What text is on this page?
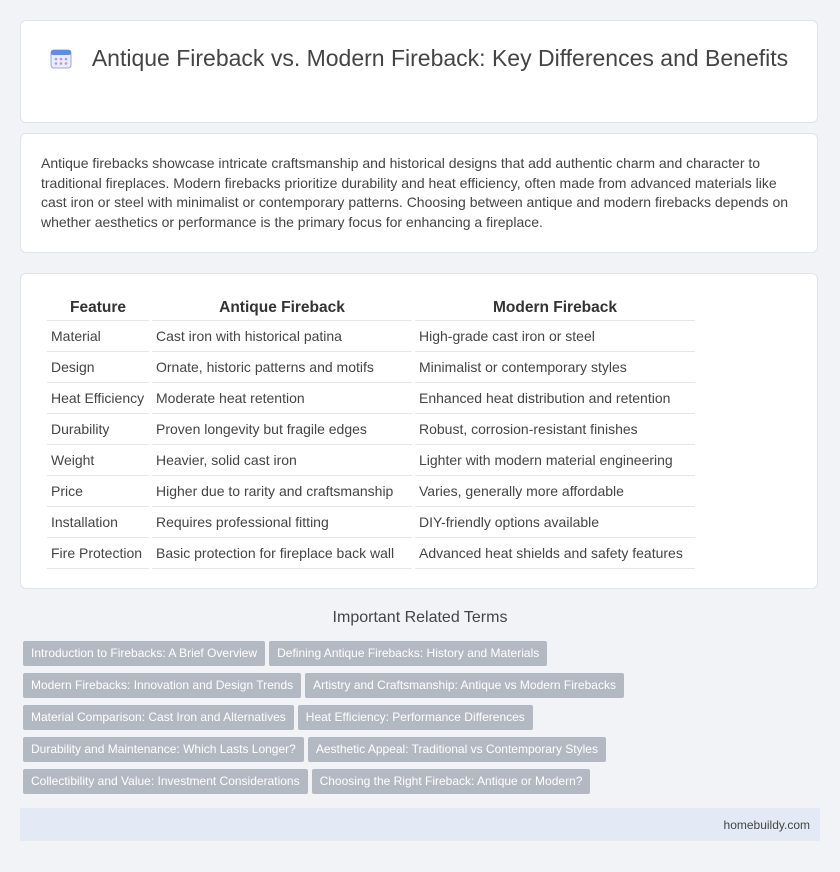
Antique Fireback vs. Modern Fireback: Key Differences and Benefits
Antique firebacks showcase intricate craftsmanship and historical designs that add authentic charm and character to traditional fireplaces. Modern firebacks prioritize durability and heat efficiency, often made from advanced materials like cast iron or steel with minimalist or contemporary patterns. Choosing between antique and modern firebacks depends on whether aesthetics or performance is the primary focus for enhancing a fireplace.
Feature	Antique Fireback	Modern Fireback
Material	Cast iron with historical patina	High-grade cast iron or steel
Design	Ornate, historic patterns and motifs	Minimalist or contemporary styles
Heat Efficiency	Moderate heat retention	Enhanced heat distribution and retention
Durability	Proven longevity but fragile edges	Robust, corrosion-resistant finishes
Weight	Heavier, solid cast iron	Lighter with modern material engineering
Price	Higher due to rarity and craftsmanship	Varies, generally more affordable
Installation	Requires professional fitting	DIY-friendly options available
Fire Protection	Basic protection for fireplace back wall	Advanced heat shields and safety features
Important Related Terms
Introduction to Firebacks: A Brief Overview Defining Antique Firebacks: History and Materials
Modern Firebacks: Innovation and Design Trends Artistry and Craftsmanship: Antique vs Modern Firebacks
Material Comparison: Cast Iron and Alternatives Heat Efficiency: Performance Differences
Durability and Maintenance: Which Lasts Longer? Aesthetic Appeal: Traditional vs Contemporary Styles
Collectibility and Value: Investment Considerations Choosing the Right Fireback: Antique or Modern?
homebuildy.com
